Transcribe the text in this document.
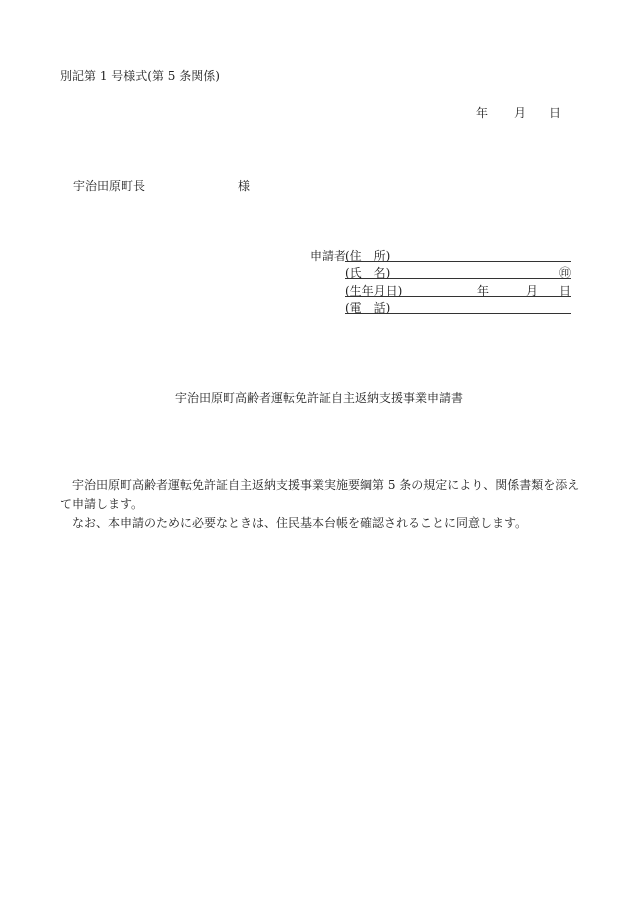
別記第 1 号様式(第 5 条関係)
年 月 日
宇治田原町長	様
申請者
(住　所)
(氏　名)	㊞
(生年月日)	年	月 日
(電　話)
宇治田原町高齢者運転免許証自主返納支援事業申請書
宇治田原町高齢者運転免許証自主返納支援事業実施要綱第 5 条の規定により、関係書類を添えて申請します。
なお、本申請のために必要なときは、住民基本台帳を確認されることに同意します。
